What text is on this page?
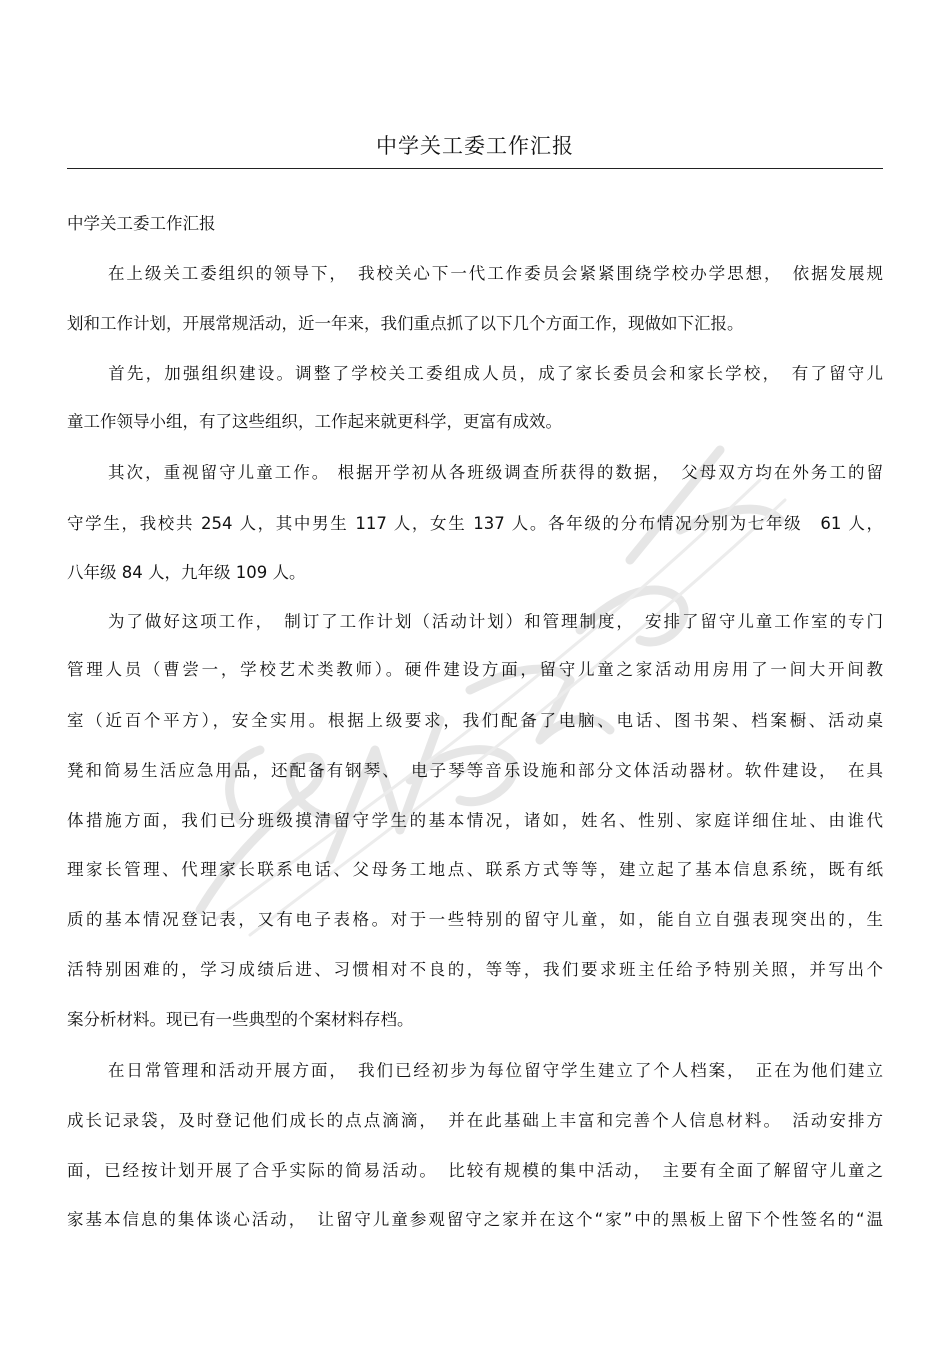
中学关工委工作汇报
中学关工委工作汇报
在上级关工委组织的领导下，　我校关心下一代工作委员会紧紧围绕学校办学思想，　依据发展规
划和工作计划，开展常规活动，近一年来，我们重点抓了以下几个方面工作，现做如下汇报。
首先，加强组织建设。调整了学校关工委组成人员，成了家长委员会和家长学校，　有了留守儿
童工作领导小组，有了这些组织，工作起来就更科学，更富有成效。
其次，重视留守儿童工作。 根据开学初从各班级调查所获得的数据，　父母双方均在外务工的留
守学生，我校共 254 人，其中男生 117 人，女生 137 人。各年级的分布情况分别为七年级　61 人，
八年级 84 人，九年级 109 人。
为了做好这项工作，　制订了工作计划（活动计划）和管理制度，　安排了留守儿童工作室的专门
管理人员（曹尝一，学校艺术类教师）。硬件建设方面，留守儿童之家活动用房用了一间大开间教
室（近百个平方），安全实用。根据上级要求，我们配备了电脑、电话、图书架、档案橱、活动桌
凳和简易生活应急用品，还配备有钢琴、　电子琴等音乐设施和部分文体活动器材。软件建设，　在具
体措施方面，我们已分班级摸清留守学生的基本情况，诸如，姓名、性别、家庭详细住址、由谁代
理家长管理、代理家长联系电话、父母务工地点、联系方式等等，建立起了基本信息系统，既有纸
质的基本情况登记表，又有电子表格。对于一些特别的留守儿童，如，能自立自强表现突出的，生
活特别困难的，学习成绩后进、习惯相对不良的，等等，我们要求班主任给予特别关照，并写出个
案分析材料。现已有一些典型的个案材料存档。
在日常管理和活动开展方面，　我们已经初步为每位留守学生建立了个人档案，　正在为他们建立
成长记录袋，及时登记他们成长的点点滴滴，　并在此基础上丰富和完善个人信息材料。　活动安排方
面，已经按计划开展了合乎实际的简易活动。　比较有规模的集中活动，　主要有全面了解留守儿童之
家基本信息的集体谈心活动，　让留守儿童参观留守之家并在这个“家”中的黑板上留下个性签名的“温
